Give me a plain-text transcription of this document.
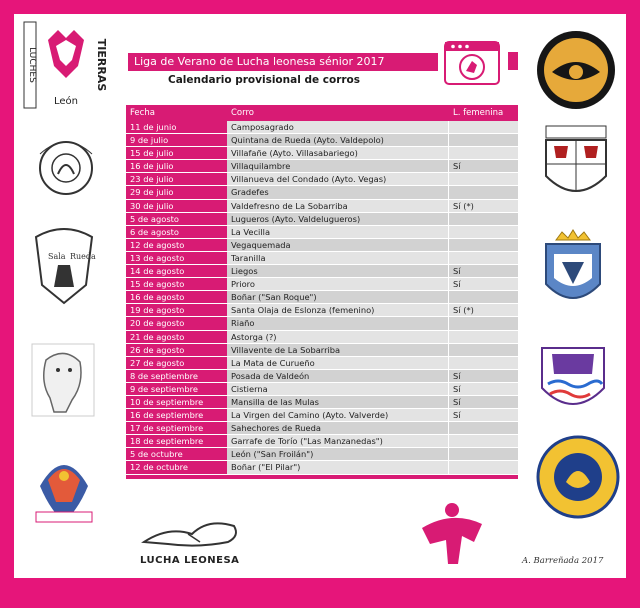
Liga de Verano de Lucha leonesa sénior 2017
Calendario provisional de corros
LUCHES	TIERRAS
León
Sala Rueda
Fecha	Corro	L. femenina
11 de junio	Camposagrado
9 de julio	Quintana de Rueda (Ayto. Valdepolo)
15 de julio	Villafañe (Ayto. Villasabariego)
16 de julio	Villaquilambre	Sí
23 de julio	Villanueva del Condado (Ayto. Vegas)
29 de julio	Gradefes
30 de julio	Valdefresno de La Sobarriba	Sí (*)
5 de agosto	Lugueros (Ayto. Valdelugueros)
6 de agosto	La Vecilla
12 de agosto	Vegaquemada
13 de agosto	Taranilla
14 de agosto	Liegos	Sí
15 de agosto	Prioro	Sí
16 de agosto	Boñar ("San Roque")
19 de agosto	Santa Olaja de Eslonza (femenino)	Sí (*)
20 de agosto	Riaño
21 de agosto	Astorga (?)
26 de agosto	Villavente de La Sobarriba
27 de agosto	La Mata de Curueño
8 de septiembre	Posada de Valdeón	Sí
9 de septiembre	Cistierna	Sí
10 de septiembre	Mansilla de las Mulas	Sí
16 de septiembre	La Virgen del Camino (Ayto. Valverde)	Sí
17 de septiembre	Sahechores de Rueda
18 de septiembre	Garrafe de Torío ("Las Manzanedas")
5 de octubre	León ("San Froilán")
12 de octubre	Boñar ("El Pilar")
LUCHA LEONESA	A. Barreñada 2017
